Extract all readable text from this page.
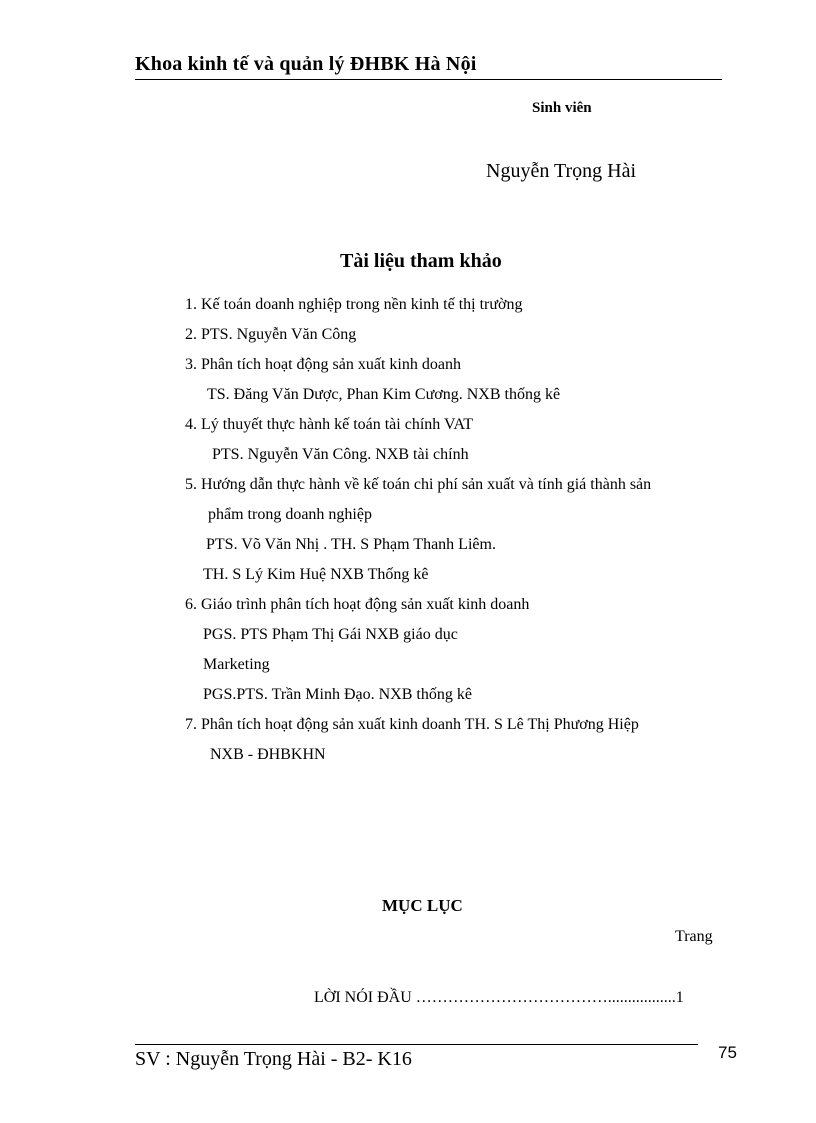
Khoa kinh tế và quản lý ĐHBK Hà Nội
Sinh viên
Nguyễn Trọng Hài
Tài liệu tham khảo
1. Kế toán doanh nghiệp trong nền kinh tế thị trường
2. PTS. Nguyễn Văn Công
3. Phân tích hoạt động sản xuất kinh doanh
TS. Đăng Văn Dược, Phan Kim Cương. NXB thống kê
4. Lý thuyết thực hành kế toán tài chính VAT
PTS. Nguyễn Văn Công. NXB tài chính
5. Hướng dẫn thực hành về kế toán chi phí sản xuất và tính giá thành sản
phẩm trong doanh nghiệp
PTS. Võ Văn Nhị . TH. S Phạm Thanh Liêm.
TH. S Lý Kim Huệ NXB Thống kê
6. Giáo trình phân tích hoạt động sản xuất kinh doanh
PGS. PTS Phạm Thị Gái NXB giáo dục
Marketing
PGS.PTS. Trần Minh Đạo. NXB thống kê
7. Phân tích hoạt động sản xuất kinh doanh TH. S Lê Thị Phương Hiệp
NXB - ĐHBKHN
MỤC LỤC
Trang
LỜI NÓI ĐẦU ……………………………….................1
SV : Nguyễn Trọng Hài - B2- K16	75
